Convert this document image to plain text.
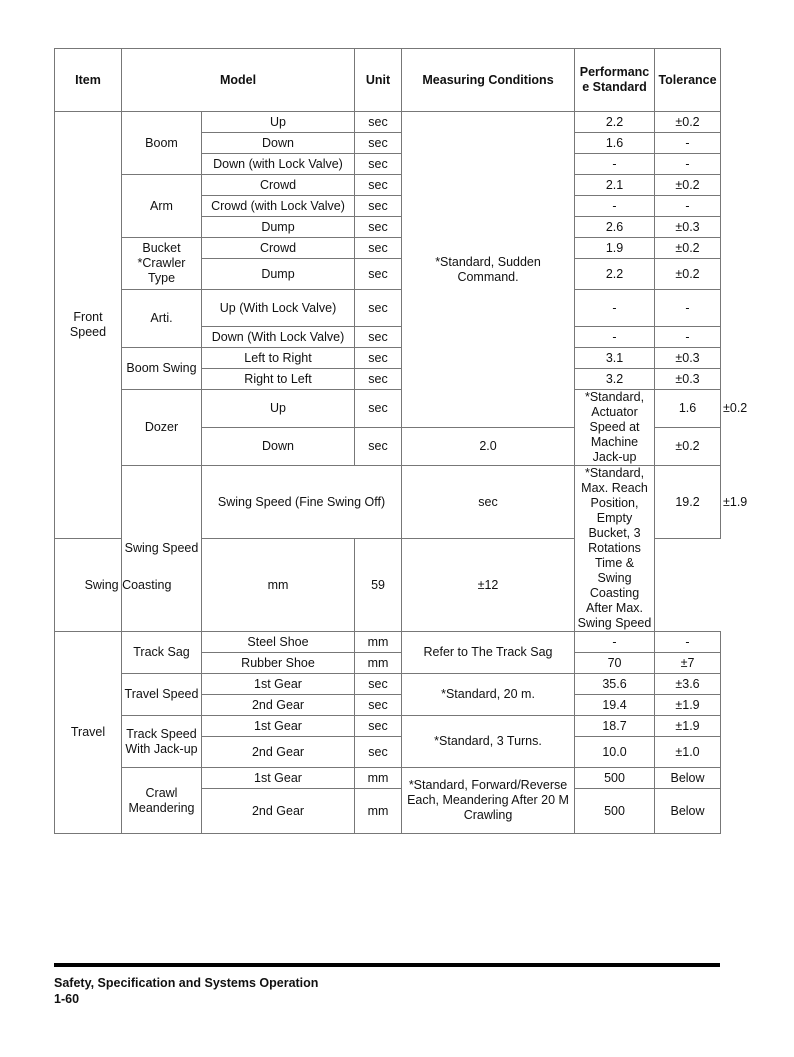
Item	Model		Unit	Measuring Conditions	Performance Standard	Tolerance	
Front Speed	Boom	Up	sec	*Standard, Sudden Command.	2.2	±0.2	
		Down	sec		1.6	-	
		Down (with Lock Valve)	sec		-	-	
	Arm	Crowd	sec		2.1	±0.2	
		Crowd (with Lock Valve)	sec		-	-	
		Dump	sec		2.6	±0.3	
	Bucket *Crawler Type	Crowd	sec		1.9	±0.2	
		Dump	sec		2.2	±0.2	
	Arti.	Up (With Lock Valve)	sec		-	-	
		Down (With Lock Valve)	sec		-	-	
	Boom Swing	Left to Right	sec		3.1	±0.3	
		Right to Left	sec		3.2	±0.3	
	Dozer	Up	sec		*Standard, Actuator Speed at Machine Jack-up	1.6	±0.2
		Down	sec	2.0		±0.2	
	Swing Speed	Swing Speed (Fine Swing Off)		sec	*Standard, Max. Reach Position, Empty Bucket, 3 Rotations Time & Swing Coasting After Max. Swing Speed	19.2	±1.9
Swing Coasting		mm	59	±12			
Travel	Track Sag	Steel Shoe	mm	Refer to The Track Sag	-	-	
		Rubber Shoe	mm		70	±7	
	Travel Speed	1st Gear	sec	*Standard, 20 m.	35.6	±3.6	
		2nd Gear	sec		19.4	±1.9	
	Track Speed With Jack-up	1st Gear	sec	*Standard, 3 Turns.	18.7	±1.9	
		2nd Gear	sec		10.0	±1.0	
	Crawl Meandering	1st Gear	mm	*Standard, Forward/Reverse Each, Meandering After 20 M Crawling	500	Below	
		2nd Gear	mm		500	Below	
Safety, Specification and Systems Operation
1-60
